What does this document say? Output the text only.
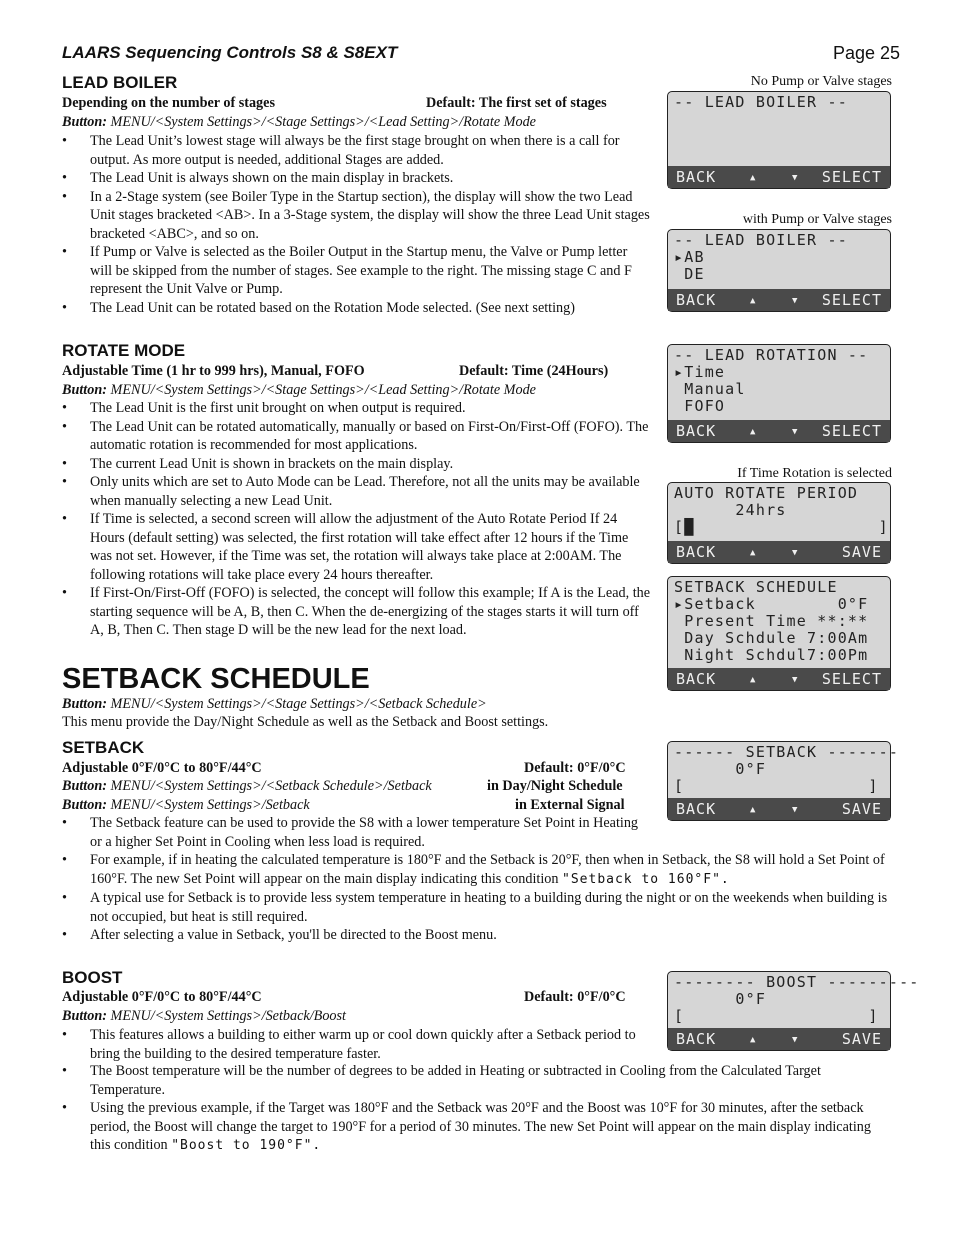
LAARS Sequencing Controls S8 & S8EXT	Page 25
LEAD BOILER
Depending on the number of stages	Default: The first set of stages
Button: MENU/<System Settings>/<Stage Settings>/<Lead Setting>/Rotate Mode
• The Lead Unit’s lowest stage will always be the first stage brought on when there is a call for output. As more output is needed, additional Stages are added.
• The Lead Unit is always shown on the main display in brackets.
• In a 2-Stage system (see Boiler Type in the Startup section), the display will show the two Lead Unit stages bracketed <AB>. In a 3-Stage system, the display will show the three Lead Unit stages bracketed <ABC>, and so on.
• If Pump or Valve is selected as the Boiler Output in the Startup menu, the Valve or Pump letter will be skipped from the number of stages. See example to the right. The missing stage C and F represent the Unit Valve or Pump.
• The Lead Unit can be rotated based on the Rotation Mode selected. (See next setting)
ROTATE MODE
Adjustable Time (1 hr to 999 hrs), Manual, FOFO	Default: Time (24Hours)
Button: MENU/<System Settings>/<Stage Settings>/<Lead Setting>/Rotate Mode
• The Lead Unit is the first unit brought on when output is required.
• The Lead Unit can be rotated automatically, manually or based on First-On/First-Off (FOFO). The automatic rotation is recommended for most applications.
• The current Lead Unit is shown in brackets on the main display.
• Only units which are set to Auto Mode can be Lead. Therefore, not all the units may be available when manually selecting a new Lead Unit.
• If Time is selected, a second screen will allow the adjustment of the Auto Rotate Period If 24 Hours (default setting) was selected, the first rotation will take effect after 12 hours if the Time was not set. However, if the Time was set, the rotation will always take place at 2:00AM. The following rotations will take place every 24 hours thereafter.
• If First-On/First-Off (FOFO) is selected, the concept will follow this example; If A is the Lead, the starting sequence will be A, B, then C. When the de-energizing of the stages starts it will turn off A, B, Then C. Then stage D will be the new lead for the next load.
SETBACK SCHEDULE
Button: MENU/<System Settings>/<Stage Settings>/<Setback Schedule>
This menu provide the Day/Night Schedule as well as the Setback and Boost settings.
SETBACK
Adjustable 0°F/0°C to 80°F/44°C	Default: 0°F/0°C
Button: MENU/<System Settings>/<Setback Schedule>/Setback	in Day/Night Schedule
Button: MENU/<System Settings>/Setback	in External Signal
• The Setback feature can be used to provide the S8 with a lower temperature Set Point in Heating or a higher Set Point in Cooling when less load is required.
• For example, if in heating the calculated temperature is 180°F and the Setback is 20°F, then when in Setback, the S8 will hold a Set Point of 160°F. The new Set Point will appear on the main display indicating this condition "Setback to 160°F".
• A typical use for Setback is to provide less system temperature in heating to a building during the night or on the weekends when building is not occupied, but heat is still required.
• After selecting a value in Setback, you'll be directed to the Boost menu.
BOOST
Adjustable 0°F/0°C to 80°F/44°C	Default: 0°F/0°C
Button: MENU/<System Settings>/Setback/Boost
• This features allows a building to either warm up or cool down quickly after a Setback period to bring the building to the desired temperature faster.
• The Boost temperature will be the number of degrees to be added in Heating or subtracted in Cooling from the Calculated Target Temperature.
• Using the previous example, if the Target was 180°F and the Setback was 20°F and the Boost was 10°F for 30 minutes, after the setback period, the Boost will change the target to 190°F for a period of 30 minutes. The new Set Point will appear on the main display indicating this condition "Boost to 190°F".
No Pump or Valve stages
-- LEAD BOILER --
BACK	▲	▼ SELECT
with Pump or Valve stages
-- LEAD BOILER --
▸AB
DE
BACK	▲	▼ SELECT
-- LEAD ROTATION --
▸Time
Manual
FOFO
BACK	▲	▼ SELECT
If Time Rotation is selected
AUTO ROTATE PERIOD
24hrs
[█                  ]
BACK	▲	▼	SAVE
SETBACK SCHEDULE
▸Setback        0°F
Present Time **:**
Day Schdule 7:00Am
Night Schdul7:00Pm
BACK	▲	▼ SELECT
------ SETBACK -------
0°F
[                  ]
BACK	▲	▼	SAVE
-------- BOOST ---------
0°F
[                  ]
BACK	▲	▼	SAVE
